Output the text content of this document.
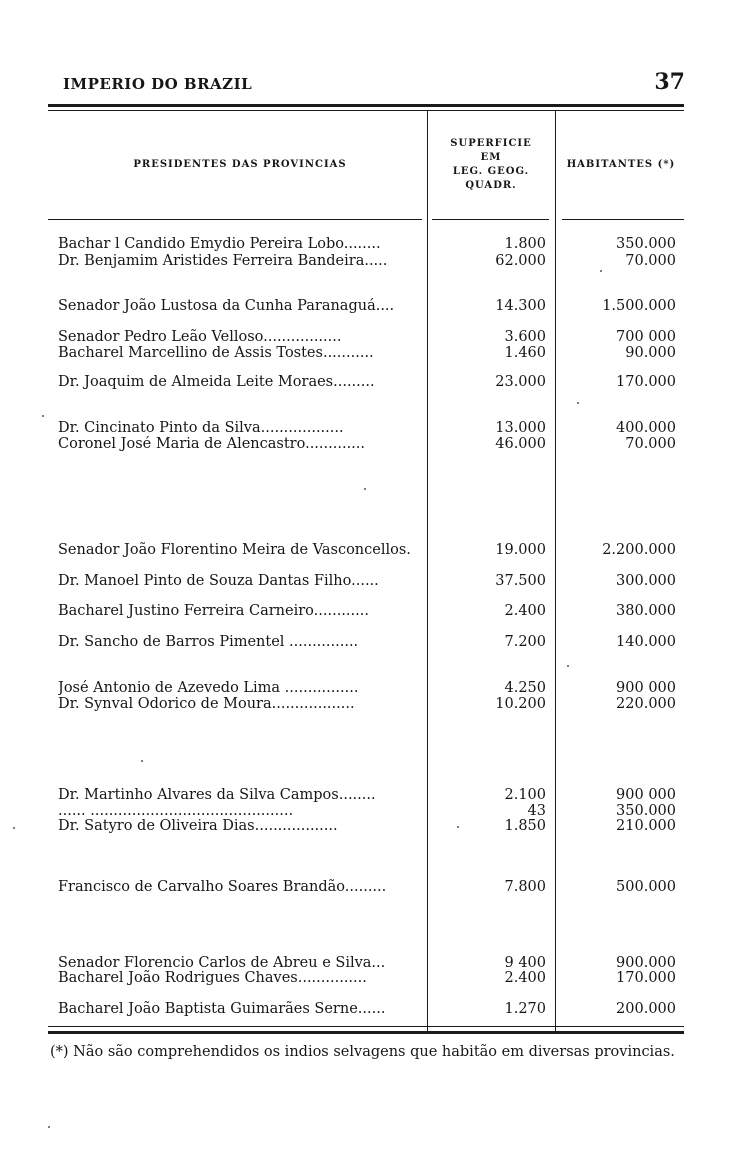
IMPERIO DO BRAZIL	37
PRESIDENTES DAS PROVINCIAS
SUPERFICIE
EM
LEG. GEOG.
QUADR.
HABITANTES (*)
Bachar l Candido Emydio Pereira Lobo........	1.800	350.000
Dr. Benjamim Aristides Ferreira Bandeira.....	62.000	70.000
Senador João Lustosa da Cunha Paranaguá....	14.300	1.500.000
Senador Pedro Leão Velloso.................	3.600	700 000
Bacharel Marcellino de Assis Tostes...........	1.460	90.000
Dr. Joaquim de Almeida Leite Moraes.........	23.000	170.000
Dr. Cincinato Pinto da Silva..................	13.000	400.000
Coronel José Maria de Alencastro.............	46.000	70.000
Senador João Florentino Meira de Vasconcellos.	19.000	2.200.000
Dr. Manoel Pinto de Souza Dantas Filho......	37.500	300.000
Bacharel Justino Ferreira Carneiro............	2.400	380.000
Dr. Sancho de Barros Pimentel ...............	7.200	140.000
José Antonio de Azevedo Lima ................	4.250	900 000
Dr. Synval Odorico de Moura..................	10.200	220.000
Dr. Martinho Alvares da Silva Campos........	2.100	900 000
...... ............................................	43	350.000
Dr. Satyro de Oliveira Dias..................	1.850	210.000
Francisco de Carvalho Soares Brandão.........	7.800	500.000
Senador Florencio Carlos de Abreu e Silva...	9 400	900.000
Bacharel João Rodrigues Chaves...............	2.400	170.000
Bacharel João Baptista Guimarães Serne......	1.270	200.000
(*) Não são comprehendidos os indios selvagens que habitão em diversas provincias.
